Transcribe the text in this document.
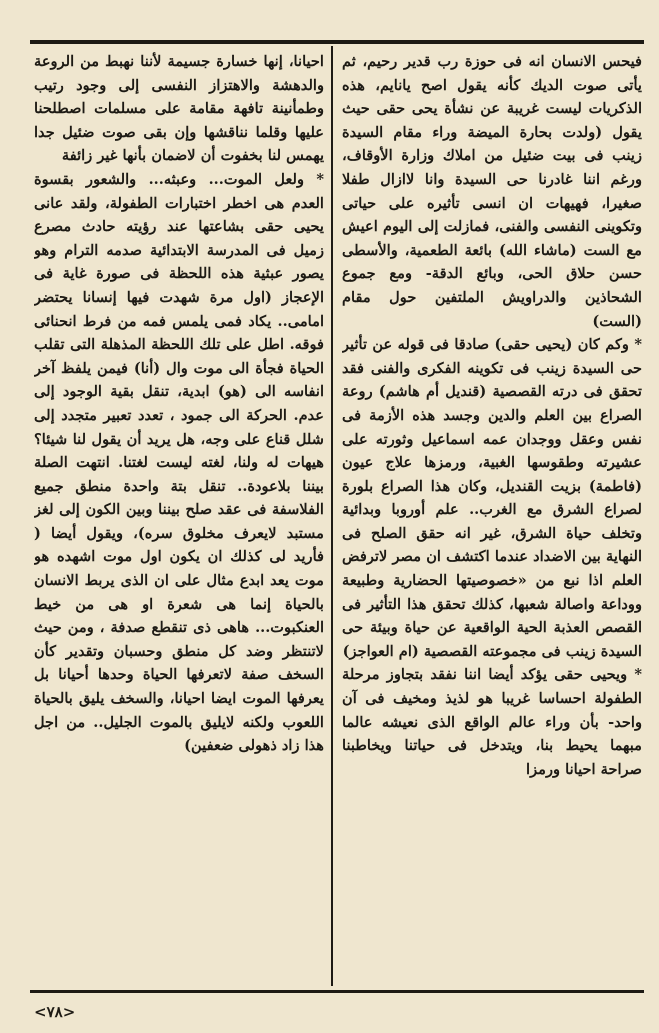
فيحس الانسان انه فى حوزة رب قدير رحيم، ثم يأتى صوت الديك كأنه يقول اصح يانايم، هذه الذكريات ليست غريبة عن نشأة يحى حقى حيث يقول (ولدت بحارة الميضة وراء مقام السيدة زينب فى بيت ضئيل من املاك وزارة الأوقاف، ورغم اننا غادرنا حى السيدة وانا لاازال طفلا صغيرا، فهيهات ان انسى تأثيره على حياتى وتكوينى النفسى والفنى، فمازلت إلى اليوم اعيش مع الست (ماشاء الله) بائعة الطعمية، والأسطى حسن حلاق الحى، وبائع الدقة- ومع جموع الشحاذين والدراويش الملتفين حول مقام (الست)

* وكم كان (يحيى حقى) صادقا فى قوله عن تأثير حى السيدة زينب فى تكوينه الفكرى والفنى فقد تحقق فى درته القصصية (قنديل أم هاشم) روعة الصراع بين العلم والدين وجسد هذه الأزمة فى نفس وعقل ووجدان عمه اسماعيل وثورته على عشيرته وطقوسها الغبية، ورمزها علاج عيون (فاطمة) بزيت القنديل، وكان هذا الصراع بلورة لصراع الشرق مع الغرب.. علم أوروبا وبدائية وتخلف حياة الشرق، غير انه حقق الصلح فى النهاية بين الاضداد عندما اكتشف ان مصر لاترفض العلم اذا نبع من «خصوصيتها الحضارية وطبيعة ووداعة واصالة شعبها، كذلك تحقق هذا التأثير فى القصص العذبة الحية الواقعية عن حياة وبيئة حى السيدة زينب فى مجموعته القصصية (ام العواجز)

* ويحيى حقى يؤكد أيضا اننا نفقد بتجاوز مرحلة الطفولة احساسا غريبا هو لذيذ ومخيف فى آن واحد- بأن وراء عالم الواقع الذى نعيشه عالما مبهما يحيط بنا، ويتدخل فى حياتنا ويخاطبنا صراحة احيانا ورمزا

احيانا، إنها خسارة جسيمة لأننا نهبط من الروعة والدهشة والاهتزاز النفسى إلى وجود رتيب وطمأنينة تافهة مقامة على مسلمات اصطلحنا عليها وقلما نناقشها وإن بقى صوت ضئيل جدا يهمس لنا بخفوت أن لاضمان بأنها غير زائفة

* ولعل الموت... وعبثه... والشعور بقسوة العدم هى اخطر اختبارات الطفولة، ولقد عانى يحيى حقى بشاعتها عند رؤيته حادث مصرع زميل فى المدرسة الابتدائية صدمه الترام وهو يصور عبثية هذه اللحظة فى صورة غاية فى الإعجاز (اول مرة شهدت فيها إنسانا يحتضر امامى.. يكاد فمى يلمس فمه من فرط انحنائى فوقه. اطل على تلك اللحظة المذهلة التى تقلب الحياة فجأة الى موت وال (أنا) فيمن يلفظ آخر انفاسه الى (هو) ابدية، تنقل بقية الوجود إلى عدم. الحركة الى جمود ، تعدد تعبير متجدد إلى شلل قناع على وجه، هل يريد أن يقول لنا شيئا؟ هيهات له ولنا، لغته ليست لغتنا. انتهت الصلة بيننا بلاعودة.. تنقل بتة واحدة منطق جميع الفلاسفة فى عقد صلح بيننا وبين الكون إلى لغز مستبد لايعرف مخلوق سره)، ويقول أيضا ( فأريد لى كذلك ان يكون اول موت اشهده هو موت يعد ابدع مثال على ان الذى يربط الانسان بالحياة إنما هى شعرة او هى من خيط العنكبوت... هاهى ذى تنقطع صدفة ، ومن حيث لاتنتظر وضد كل منطق وحسبان وتقدير كأن السخف صفة لاتعرفها الحياة وحدها أحيانا بل يعرفها الموت ايضا احيانا، والسخف يليق بالحياة اللعوب ولكنه لايليق بالموت الجليل.. من اجل هذا زاد ذهولى ضعفين)

<٧٨>
